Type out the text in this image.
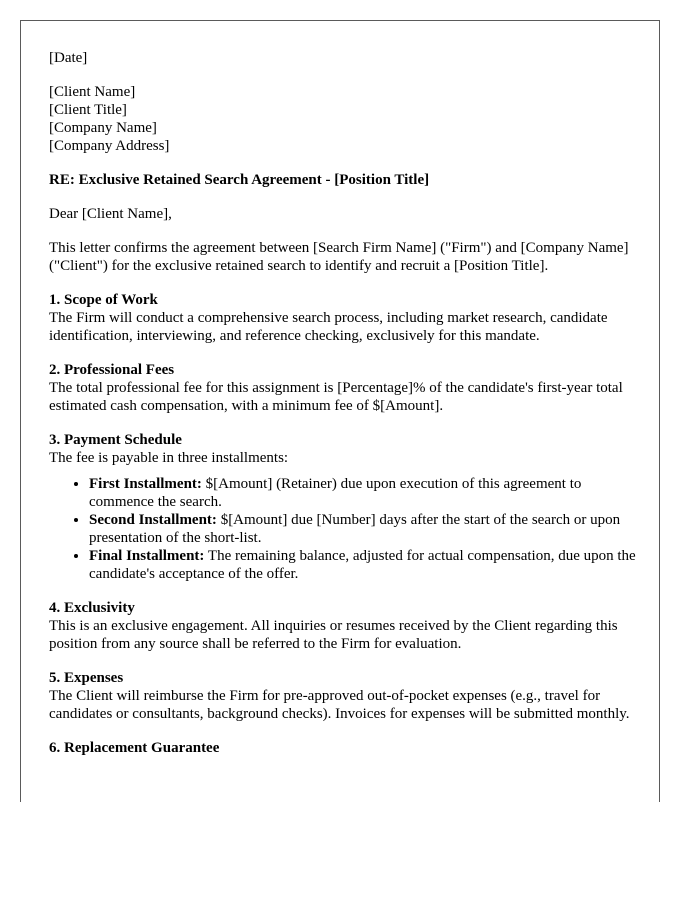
[Date]
[Client Name]
[Client Title]
[Company Name]
[Company Address]
RE: Exclusive Retained Search Agreement - [Position Title]
Dear [Client Name],
This letter confirms the agreement between [Search Firm Name] ("Firm") and [Company Name] ("Client") for the exclusive retained search to identify and recruit a [Position Title].
1. Scope of Work
The Firm will conduct a comprehensive search process, including market research, candidate identification, interviewing, and reference checking, exclusively for this mandate.
2. Professional Fees
The total professional fee for this assignment is [Percentage]% of the candidate's first-year total estimated cash compensation, with a minimum fee of $[Amount].
3. Payment Schedule
The fee is payable in three installments:
• First Installment: $[Amount] (Retainer) due upon execution of this agreement to commence the search.
• Second Installment: $[Amount] due [Number] days after the start of the search or upon presentation of the short-list.
• Final Installment: The remaining balance, adjusted for actual compensation, due upon the candidate's acceptance of the offer.
4. Exclusivity
This is an exclusive engagement. All inquiries or resumes received by the Client regarding this position from any source shall be referred to the Firm for evaluation.
5. Expenses
The Client will reimburse the Firm for pre-approved out-of-pocket expenses (e.g., travel for candidates or consultants, background checks). Invoices for expenses will be submitted monthly.
6. Replacement Guarantee
